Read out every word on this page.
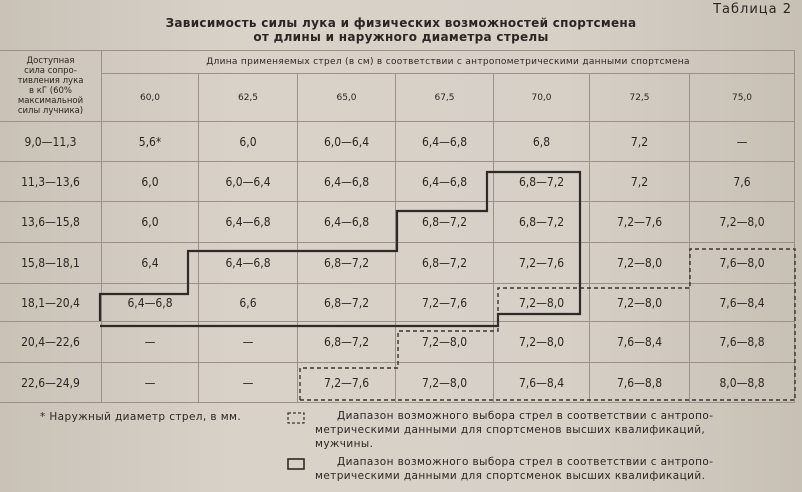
Таблица 2
Зависимость силы лука и физических возможностей спортсмена
от длины и наружного диаметра стрелы
Доступная
сила сопро-
тивления лука
в кГ (60%
максимальной
силы лучника)
Длина применяемых стрел (в см) в соответствии с антропометрическими данными спортсмена
60,0	62,5	65,0	67,5	70,0	72,5	75,0
9,0—11,3	5,6*	6,0	6,0—6,4	6,4—6,8	6,8	7,2	—
11,3—13,6	6,0	6,0—6,4	6,4—6,8	6,4—6,8	6,8—7,2	7,2	7,6
13,6—15,8	6,0	6,4—6,8	6,4—6,8	6,8—7,2	6,8—7,2	7,2—7,6	7,2—8,0
15,8—18,1	6,4	6,4—6,8	6,8—7,2	6,8—7,2	7,2—7,6	7,2—8,0	7,6—8,0
18,1—20,4	6,4—6,8	6,6	6,8—7,2	7,2—7,6	7,2—8,0	7,2—8,0	7,6—8,4
20,4—22,6	—	—	6,8—7,2	7,2—8,0	7,2—8,0	7,6—8,4	7,6—8,8
22,6—24,9	—	—	7,2—7,6	7,2—8,0	7,6—8,4	7,6—8,8	8,0—8,8
* Наружный диаметр стрел, в мм.	Диапазон возможного выбора стрел в соответствии с антропо-
метрическими данными для спортсменов высших квалификаций,
мужчины.
Диапазон возможного выбора стрел в соответствии с антропо-
метрическими данными для спортсменок высших квалификаций.
